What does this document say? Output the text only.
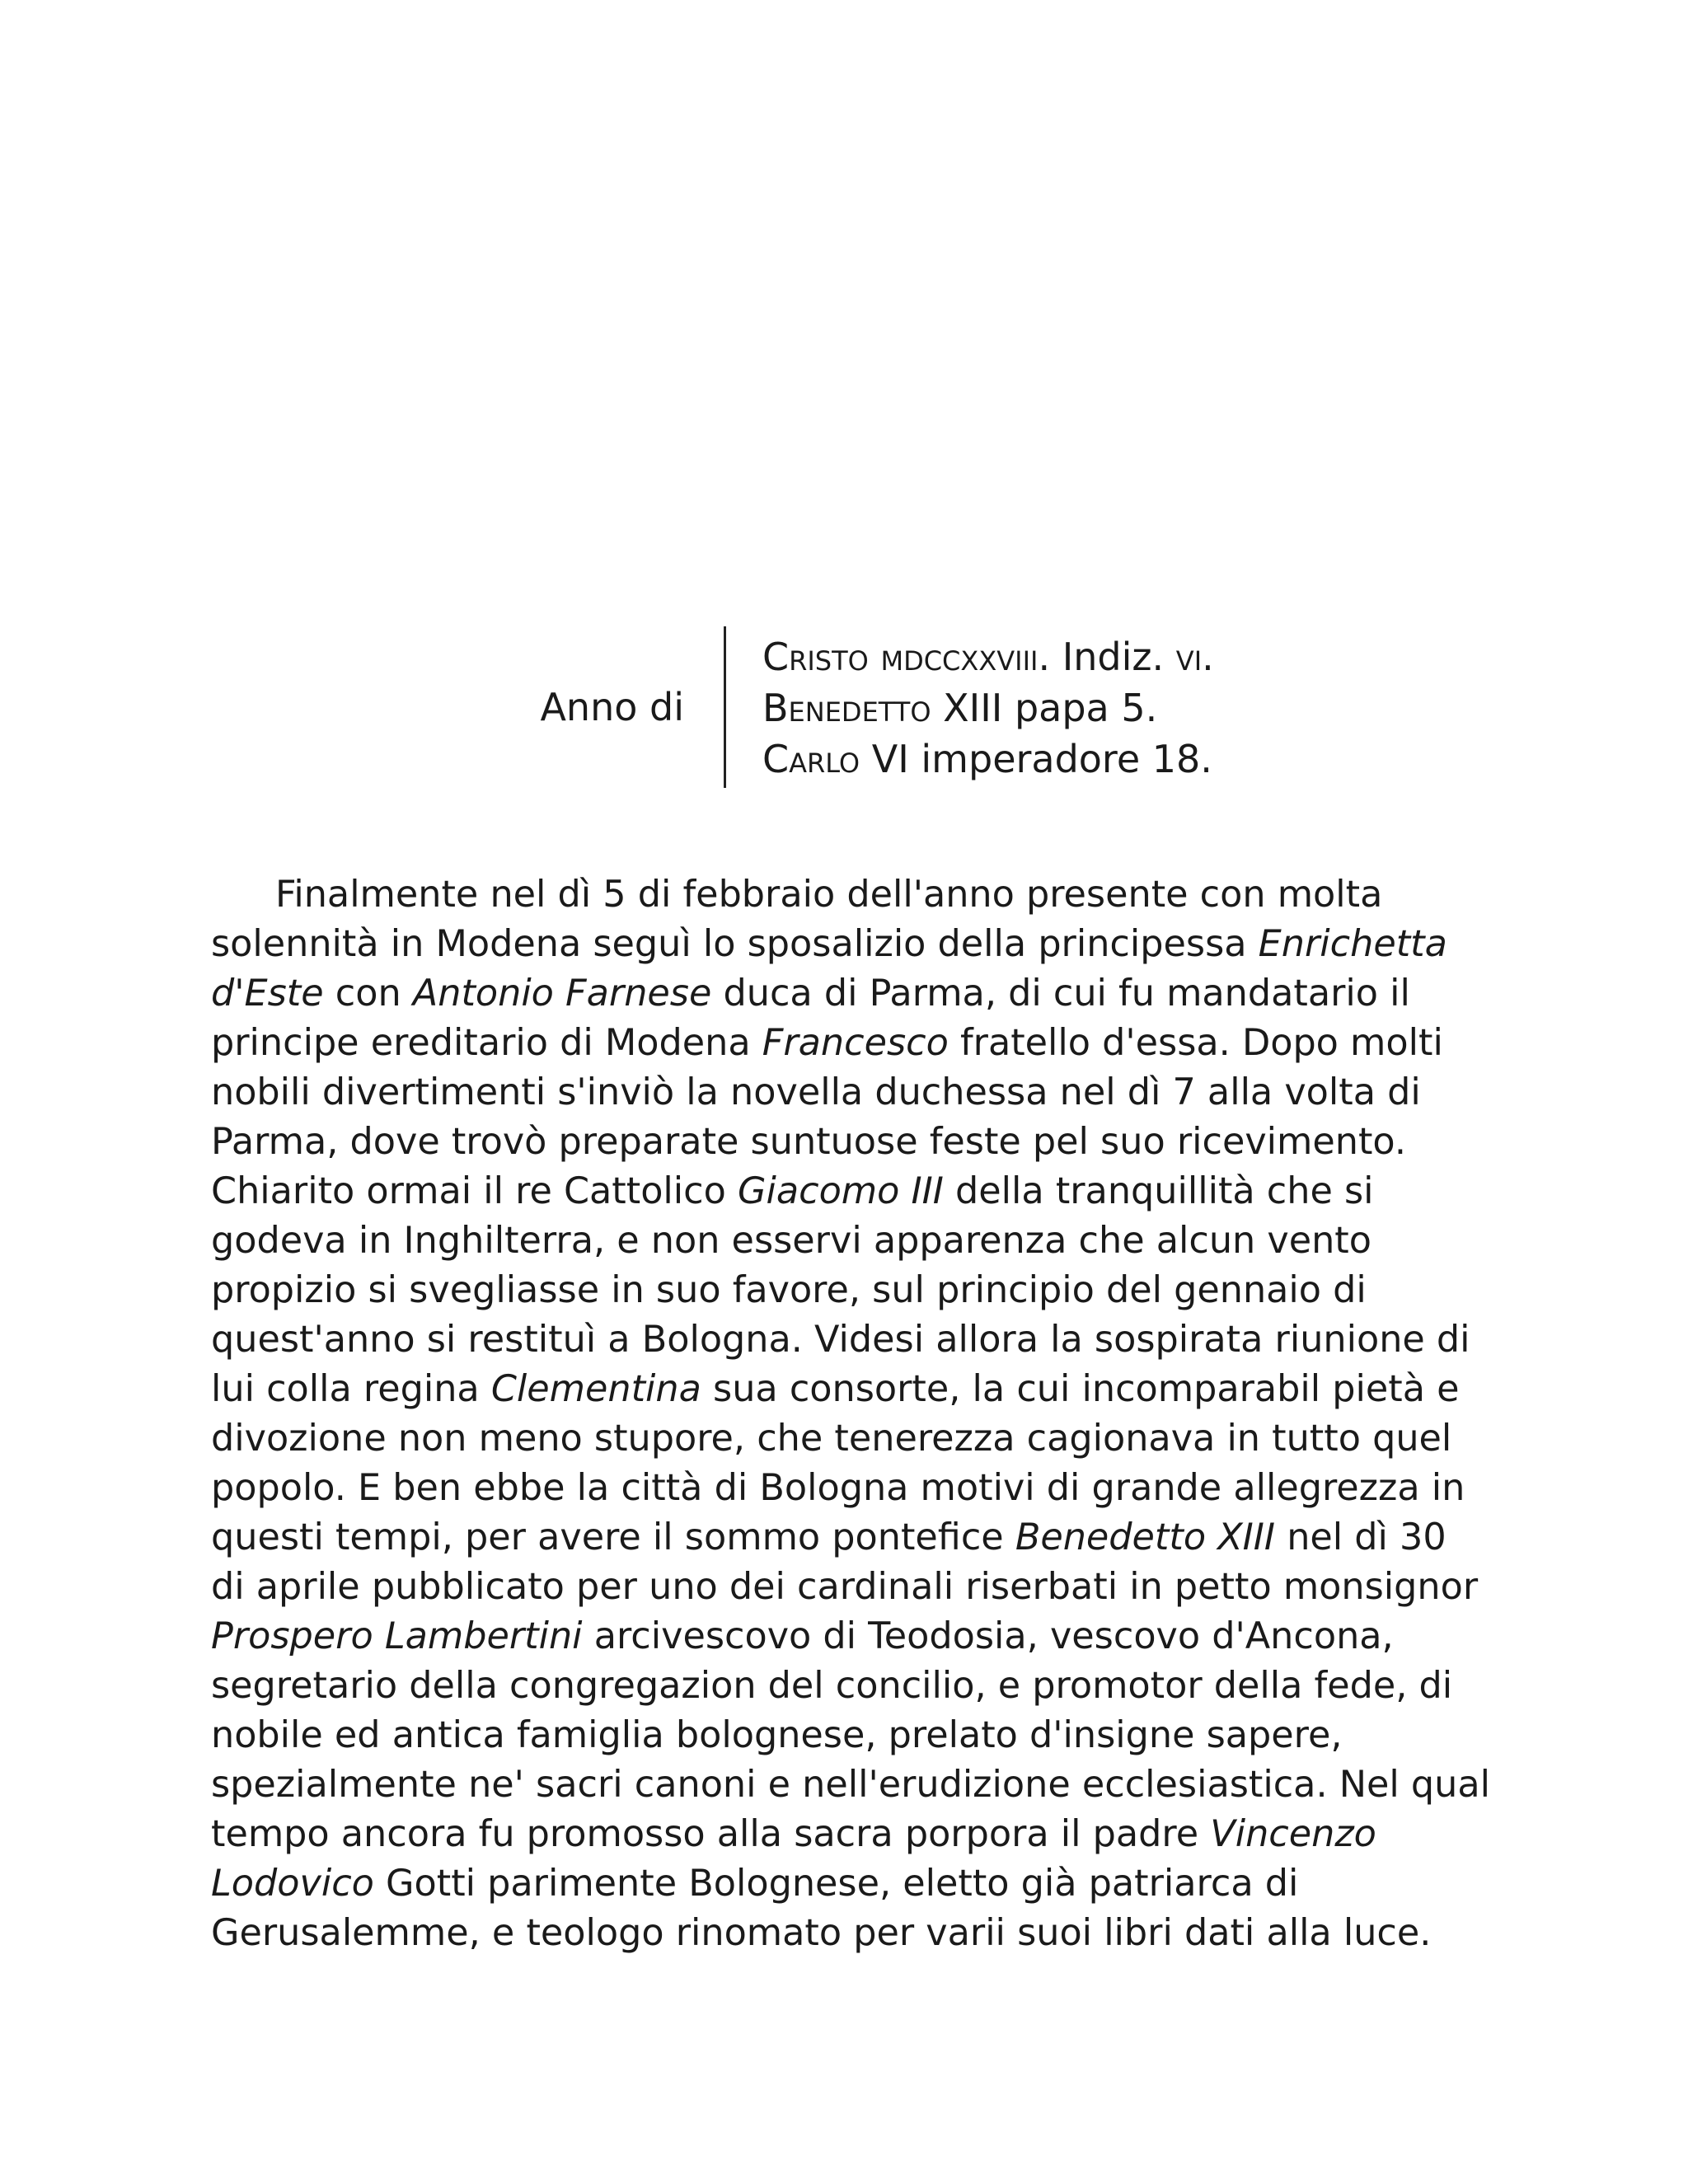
Anno di
Cristo mdccxxviii. Indiz. vi.
Benedetto XIII papa 5.
Carlo VI imperadore 18.

Finalmente nel dì 5 di febbraio dell'anno presente con molta
solennità in Modena seguì lo sposalizio della principessa Enrichetta
d'Este con Antonio Farnese duca di Parma, di cui fu mandatario il
principe ereditario di Modena Francesco fratello d'essa. Dopo molti
nobili divertimenti s'inviò la novella duchessa nel dì 7 alla volta di
Parma, dove trovò preparate suntuose feste pel suo ricevimento.
Chiarito ormai il re Cattolico Giacomo III della tranquillità che si
godeva in Inghilterra, e non esservi apparenza che alcun vento
propizio si svegliasse in suo favore, sul principio del gennaio di
quest'anno si restituì a Bologna. Videsi allora la sospirata riunione di
lui colla regina Clementina sua consorte, la cui incomparabil pietà e
divozione non meno stupore, che tenerezza cagionava in tutto quel
popolo. E ben ebbe la città di Bologna motivi di grande allegrezza in
questi tempi, per avere il sommo pontefice Benedetto XIII nel dì 30
di aprile pubblicato per uno dei cardinali riserbati in petto monsignor
Prospero Lambertini arcivescovo di Teodosia, vescovo d'Ancona,
segretario della congregazion del concilio, e promotor della fede, di
nobile ed antica famiglia bolognese, prelato d'insigne sapere,
spezialmente ne' sacri canoni e nell'erudizione ecclesiastica. Nel qual
tempo ancora fu promosso alla sacra porpora il padre Vincenzo
Lodovico Gotti parimente Bolognese, eletto già patriarca di
Gerusalemme, e teologo rinomato per varii suoi libri dati alla luce.
